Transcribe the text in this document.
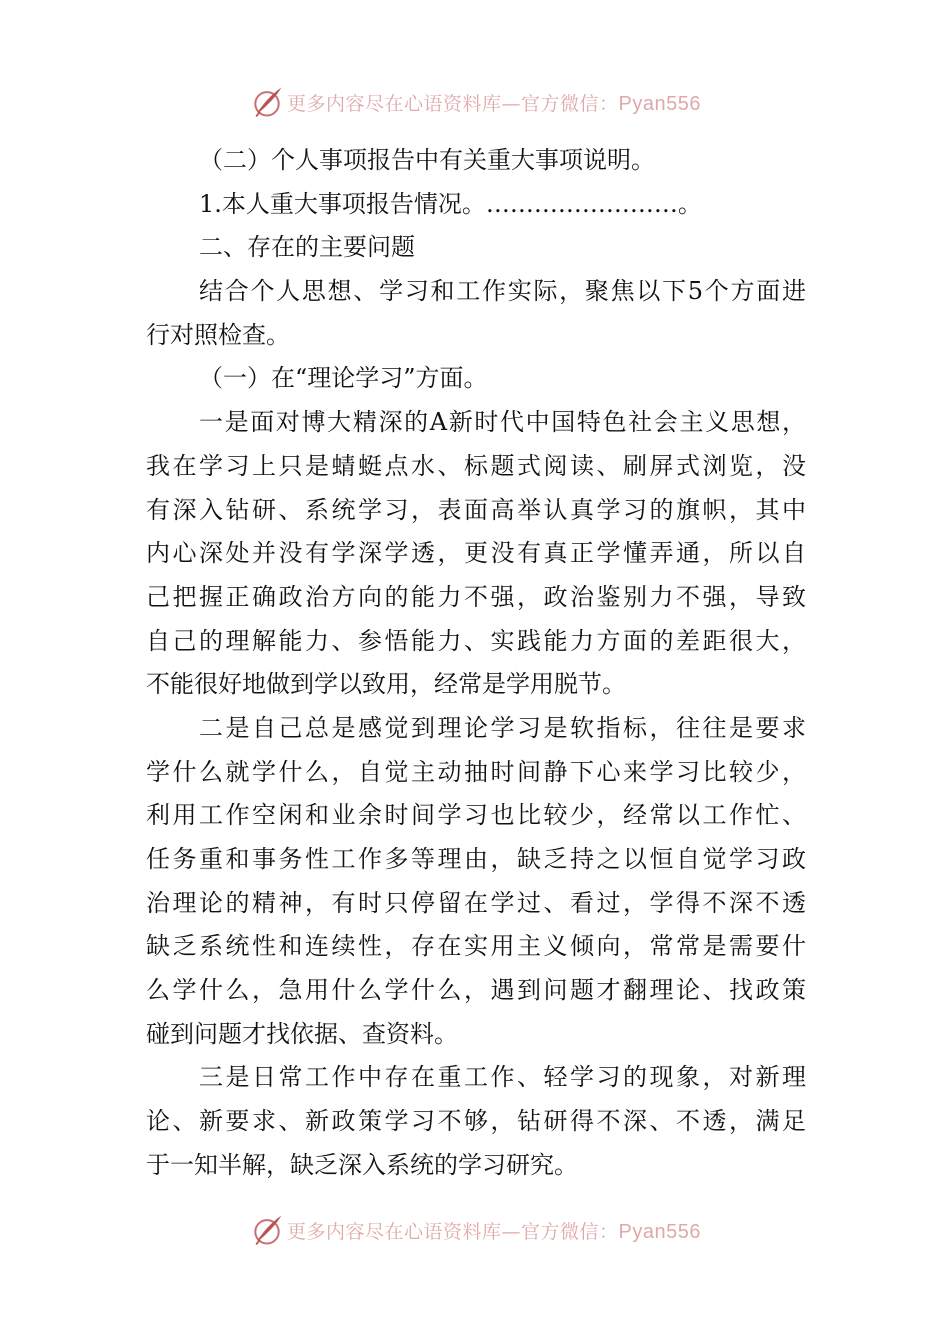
更多内容尽在心语资料库—官方微信：Pyan556
（二）个人事项报告中有关重大事项说明。
1.本人重大事项报告情况。……………………。
二、存在的主要问题
结合个人思想、学习和工作实际，聚焦以下5个方面进
行对照检查。
（一）在“理论学习”方面。
一是面对博大精深的A新时代中国特色社会主义思想，
我在学习上只是蜻蜓点水、标题式阅读、刷屏式浏览，没
有深入钻研、系统学习，表面高举认真学习的旗帜，其中
内心深处并没有学深学透，更没有真正学懂弄通，所以自
己把握正确政治方向的能力不强，政治鉴别力不强，导致
自己的理解能力、参悟能力、实践能力方面的差距很大，
不能很好地做到学以致用，经常是学用脱节。
二是自己总是感觉到理论学习是软指标，往往是要求
学什么就学什么，自觉主动抽时间静下心来学习比较少，
利用工作空闲和业余时间学习也比较少，经常以工作忙、
任务重和事务性工作多等理由，缺乏持之以恒自觉学习政
治理论的精神，有时只停留在学过、看过，学得不深不透
缺乏系统性和连续性，存在实用主义倾向，常常是需要什
么学什么，急用什么学什么，遇到问题才翻理论、找政策
碰到问题才找依据、查资料。
三是日常工作中存在重工作、轻学习的现象，对新理
论、新要求、新政策学习不够，钻研得不深、不透，满足
于一知半解，缺乏深入系统的学习研究。
更多内容尽在心语资料库—官方微信：Pyan556
